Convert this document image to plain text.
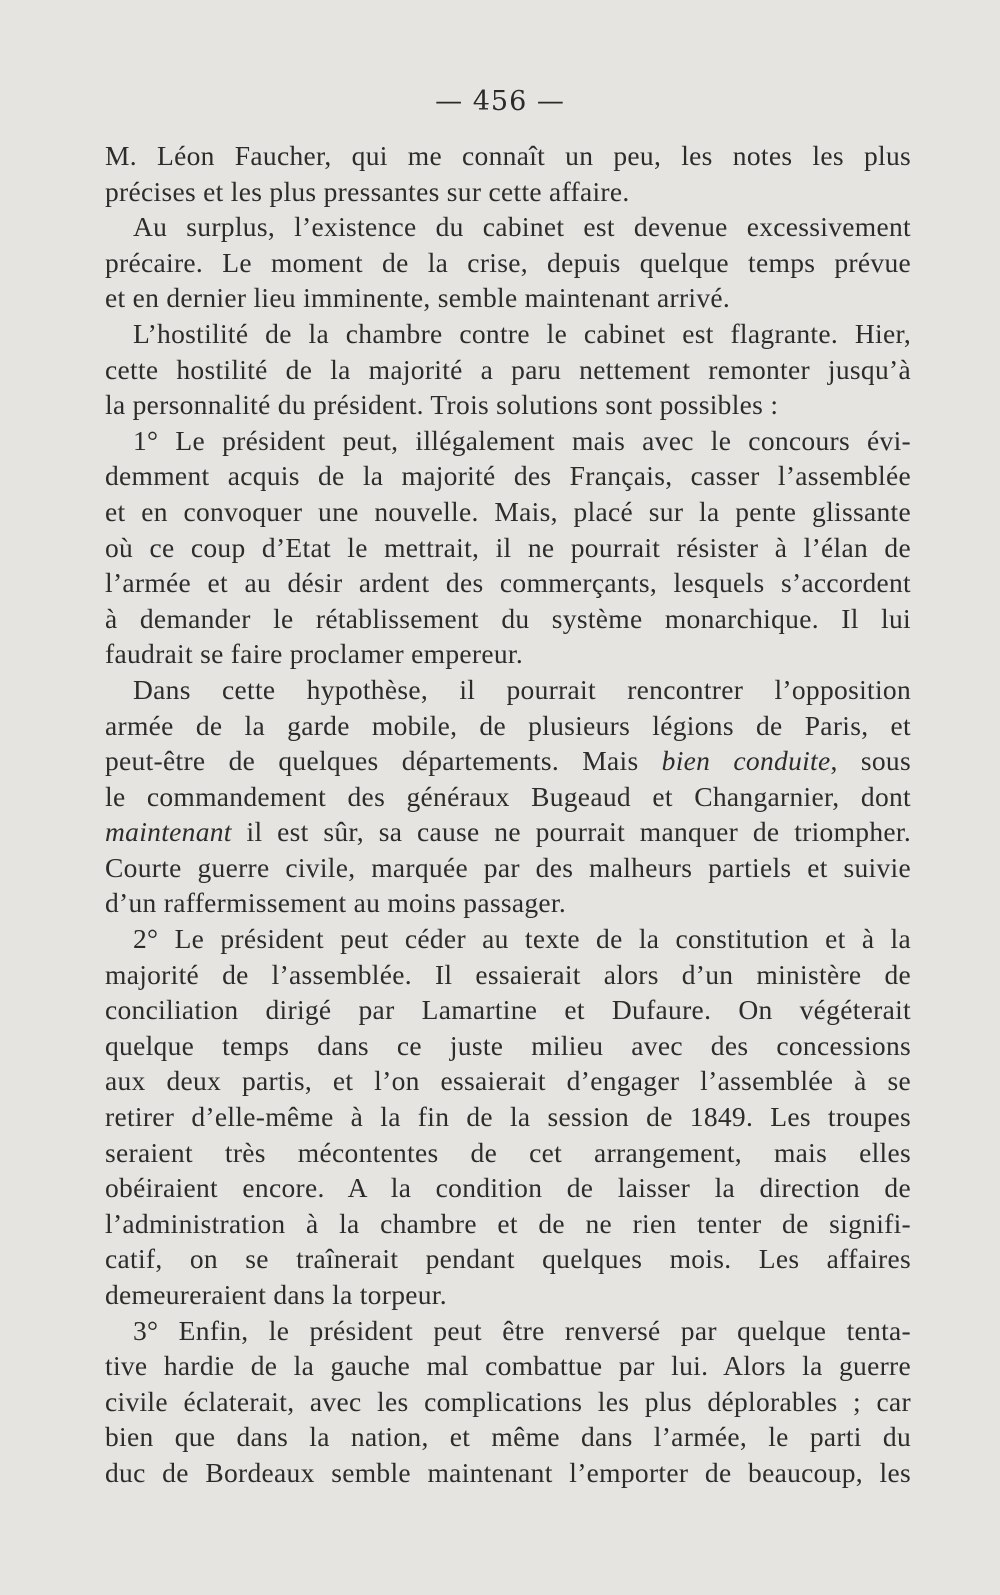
— 456 —
M. Léon Faucher, qui me connaît un peu, les notes les plus
précises et les plus pressantes sur cette affaire.
Au surplus, l’existence du cabinet est devenue excessivement
précaire. Le moment de la crise, depuis quelque temps prévue
et en dernier lieu imminente, semble maintenant arrivé.
L’hostilité de la chambre contre le cabinet est flagrante. Hier,
cette hostilité de la majorité a paru nettement remonter jusqu’à
la personnalité du président. Trois solutions sont possibles :
1° Le président peut, illégalement mais avec le concours évi-
demment acquis de la majorité des Français, casser l’assemblée
et en convoquer une nouvelle. Mais, placé sur la pente glissante
où ce coup d’Etat le mettrait, il ne pourrait résister à l’élan de
l’armée et au désir ardent des commerçants, lesquels s’accordent
à demander le rétablissement du système monarchique. Il lui
faudrait se faire proclamer empereur.
Dans cette hypothèse, il pourrait rencontrer l’opposition
armée de la garde mobile, de plusieurs légions de Paris, et
peut-être de quelques départements. Mais bien conduite, sous
le commandement des généraux Bugeaud et Changarnier, dont
maintenant il est sûr, sa cause ne pourrait manquer de triompher.
Courte guerre civile, marquée par des malheurs partiels et suivie
d’un raffermissement au moins passager.
2° Le président peut céder au texte de la constitution et à la
majorité de l’assemblée. Il essaierait alors d’un ministère de
conciliation dirigé par Lamartine et Dufaure. On végéterait
quelque temps dans ce juste milieu avec des concessions
aux deux partis, et l’on essaierait d’engager l’assemblée à se
retirer d’elle-même à la fin de la session de 1849. Les troupes
seraient très mécontentes de cet arrangement, mais elles
obéiraient encore. A la condition de laisser la direction de
l’administration à la chambre et de ne rien tenter de signifi-
catif, on se traînerait pendant quelques mois. Les affaires
demeureraient dans la torpeur.
3° Enfin, le président peut être renversé par quelque tenta-
tive hardie de la gauche mal combattue par lui. Alors la guerre
civile éclaterait, avec les complications les plus déplorables ; car
bien que dans la nation, et même dans l’armée, le parti du
duc de Bordeaux semble maintenant l’emporter de beaucoup, les
